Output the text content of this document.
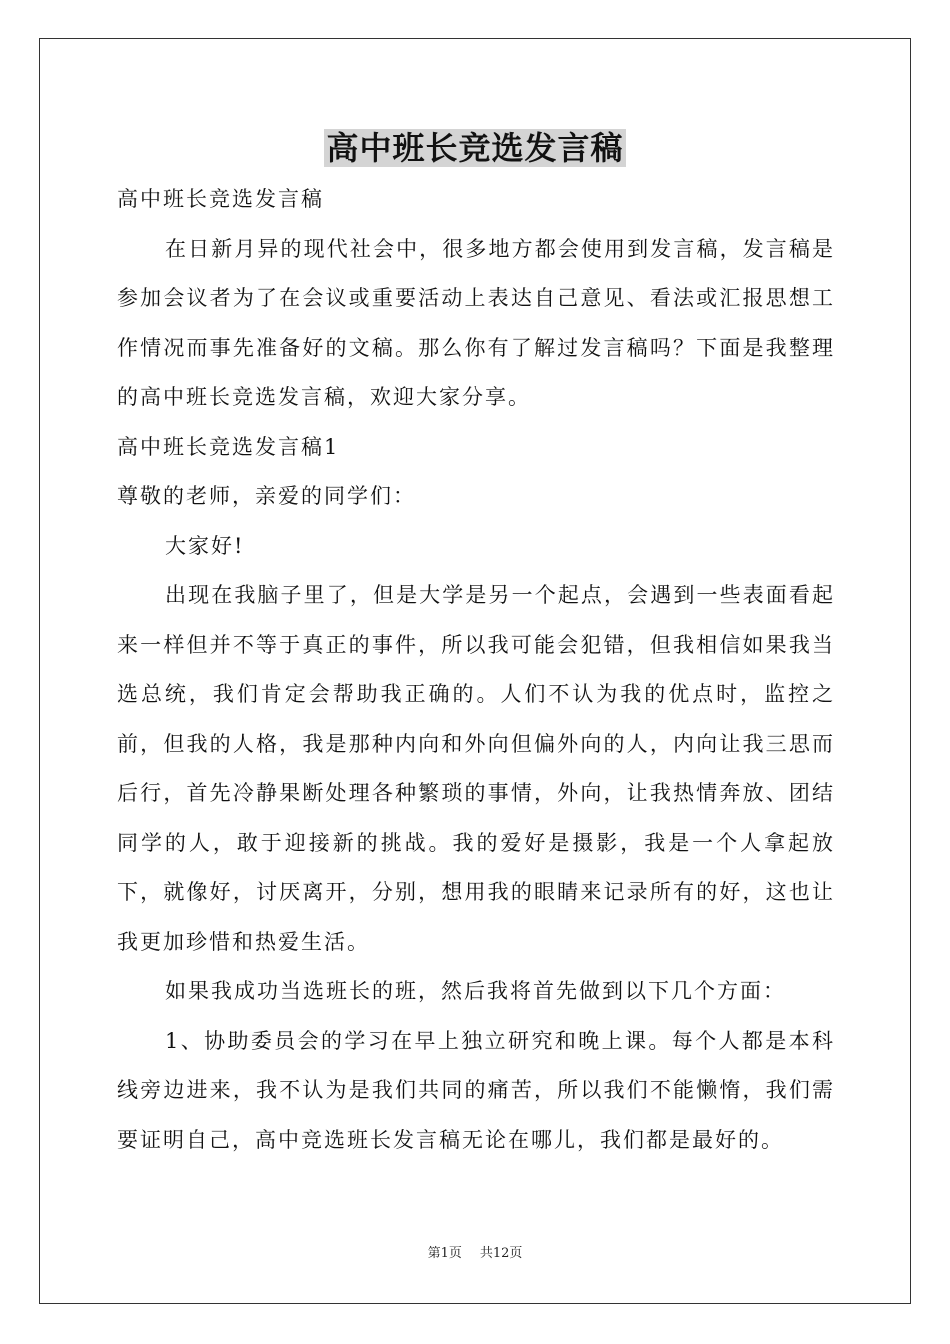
高中班长竞选发言稿

高中班长竞选发言稿

在日新月异的现代社会中，很多地方都会使用到发言稿，发言稿是参加会议者为了在会议或重要活动上表达自己意见、看法或汇报思想工作情况而事先准备好的文稿。那么你有了解过发言稿吗？下面是我整理的高中班长竞选发言稿，欢迎大家分享。

高中班长竞选发言稿1

尊敬的老师，亲爱的同学们：

大家好!

出现在我脑子里了，但是大学是另一个起点，会遇到一些表面看起来一样但并不等于真正的事件，所以我可能会犯错，但我相信如果我当选总统，我们肯定会帮助我正确的。人们不认为我的优点时，监控之前，但我的人格，我是那种内向和外向但偏外向的人，内向让我三思而后行，首先冷静果断处理各种繁琐的事情，外向，让我热情奔放、团结同学的人，敢于迎接新的挑战。我的爱好是摄影，我是一个人拿起放下，就像好，讨厌离开，分别，想用我的眼睛来记录所有的好，这也让我更加珍惜和热爱生活。

如果我成功当选班长的班，然后我将首先做到以下几个方面：

1、协助委员会的学习在早上独立研究和晚上课。每个人都是本科线旁边进来，我不认为是我们共同的痛苦，所以我们不能懒惰，我们需要证明自己，高中竞选班长发言稿无论在哪儿，我们都是最好的。

第1页 共12页
